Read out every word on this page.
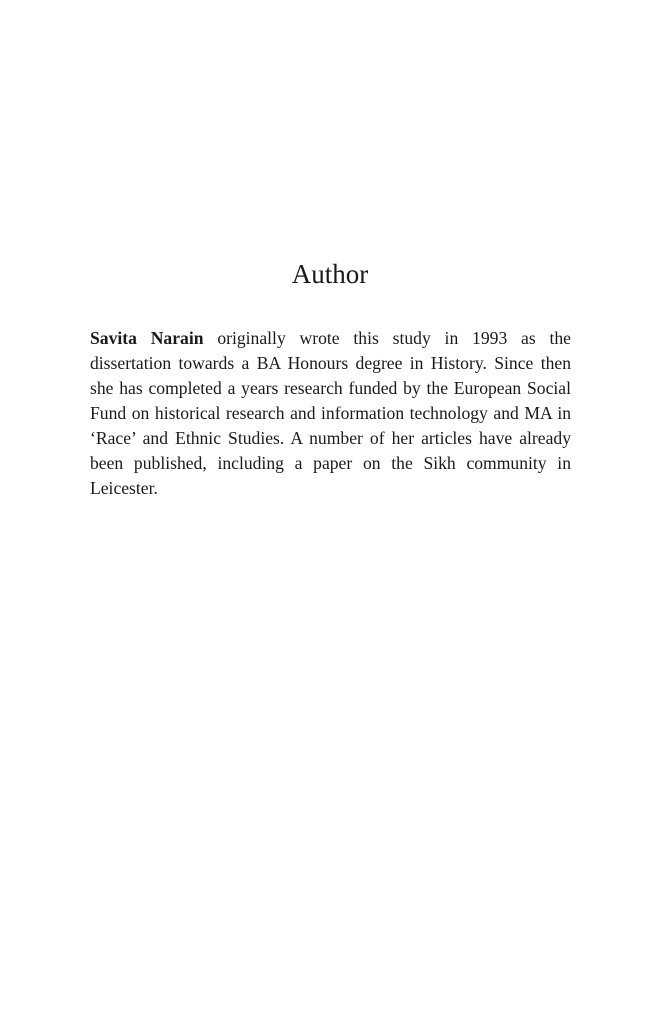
Author

Savita Narain originally wrote this study in 1993 as the dissertation towards a BA Honours degree in History. Since then she has completed a years research funded by the European Social Fund on historical research and information technology and MA in ‘Race’ and Ethnic Studies. A number of her articles have already been published, including a paper on the Sikh community in Leicester.
